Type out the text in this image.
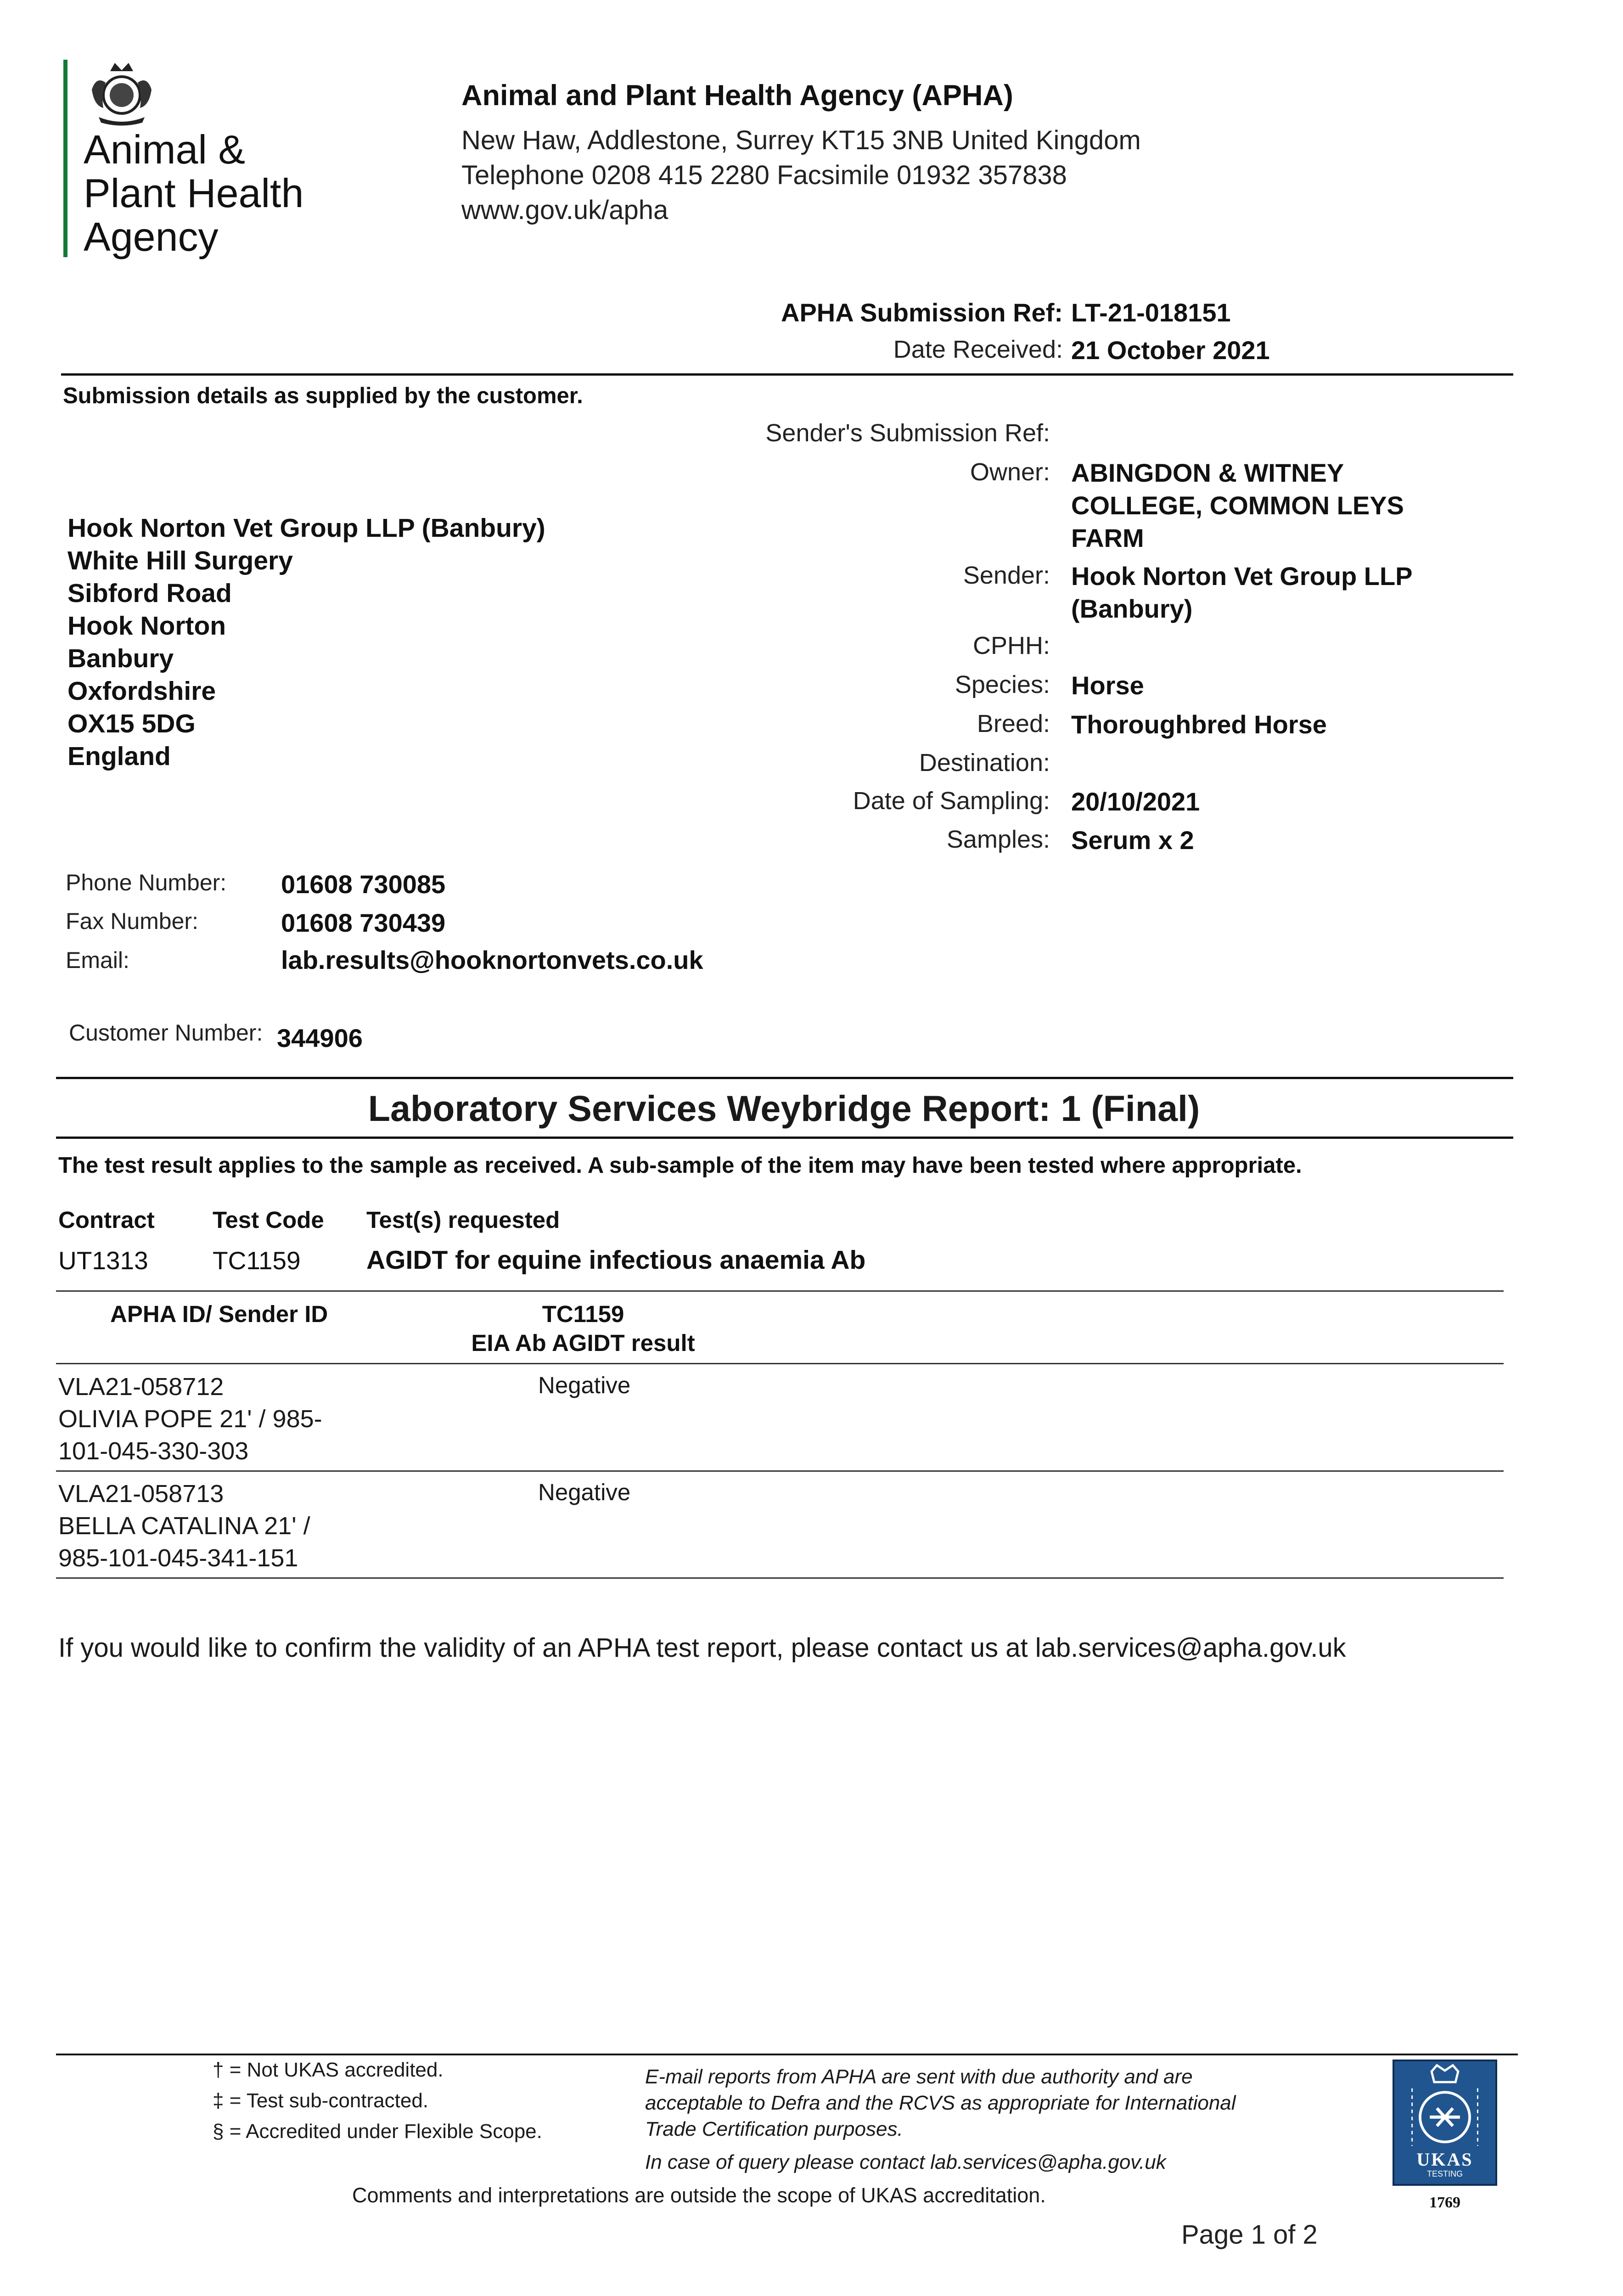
Animal &
Plant Health
Agency
Animal and Plant Health Agency (APHA)
New Haw, Addlestone, Surrey KT15 3NB United Kingdom
Telephone 0208 415 2280 Facsimile 01932 357838
www.gov.uk/apha
APHA Submission Ref: LT-21-018151
Date Received: 21 October 2021
Submission details as supplied by the customer.
Sender's Submission Ref:
Owner: ABINGDON & WITNEY
COLLEGE, COMMON LEYS
FARM
Sender: Hook Norton Vet Group LLP
(Banbury)
CPHH:
Species: Horse
Breed: Thoroughbred Horse
Destination:
Date of Sampling: 20/10/2021
Samples: Serum x 2
Hook Norton Vet Group LLP (Banbury)
White Hill Surgery
Sibford Road
Hook Norton
Banbury
Oxfordshire
OX15 5DG
England
Phone Number: 01608 730085
Fax Number:	01608 730439
Email:	lab.results@hooknortonvets.co.uk
Customer Number: 344906
Laboratory Services Weybridge Report: 1 (Final)
The test result applies to the sample as received. A sub-sample of the item may have been tested where appropriate.
Contract Test Code Test(s) requested
UT1313	TC1159	AGIDT for equine infectious anaemia Ab
APHA ID/ Sender ID	TC1159
EIA Ab AGIDT result
VLA21-058712
OLIVIA POPE 21' / 985-
101-045-330-303
Negative
VLA21-058713
BELLA CATALINA 21' /
985-101-045-341-151
Negative
If you would like to confirm the validity of an APHA test report, please contact us at lab.services@apha.gov.uk
† = Not UKAS accredited.
‡ = Test sub-contracted.
§ = Accredited under Flexible Scope.
E-mail reports from APHA are sent with due authority and are
acceptable to Defra and the RCVS as appropriate for International
Trade Certification purposes.
In case of query please contact lab.services@apha.gov.uk
Comments and interpretations are outside the scope of UKAS accreditation.
UKAS
TESTING
1769
Page 1 of 2
